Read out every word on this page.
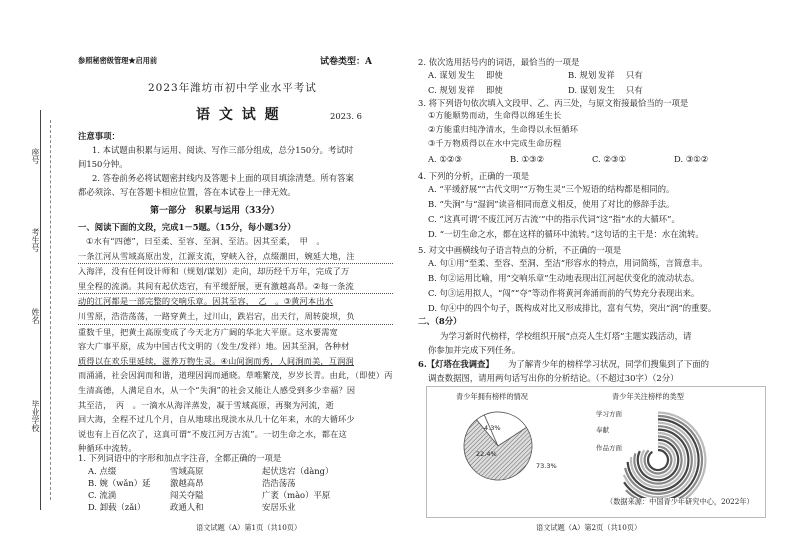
座号
考生号
姓名
毕业学校
参照秘密级管理★启用前	试卷类型：A
2023年潍坊市初中学业水平考试
语 文 试 题	2023. 6
注意事项：
1. 本试题由积累与运用、阅读、写作三部分组成，总分150分。考试时
间150分钟。
2. 答卷前务必将试题密封线内及答题卡上面的项目填涂清楚。所有答案
都必须涂、写在答题卡相应位置，答在本试卷上一律无效。
第一部分　积累与运用（33分）
一、阅读下面的文段，完成1－5题。（15分，每小题3分）
①水有“四德”，曰至柔、至容、至洞、至洁。因其至柔，　甲　。
一条江河从雪域高原出发，江源支流，穿峡入谷，点缀潮田，婉延大地，注
入海洋，没有任何设计师和（规划/谋划）走向，却历经千万年，完成了万
里全程的流淌。其间有起伏迭宕，有平缓舒展，更有激越高昂。②每一条流
动的江河都是一部完整的交响乐章。因其至容，　乙　。③黄河本出水
川雪原，浩浩荡荡，一路穿黄土，过川山，跌岩宕，出天行，周转旋坝，负
重数千里，把黄土高原变成了今天北方广阔的华北大平原。这水要需宽
容大广事平原，成为中国古代文明的（发生/发祥）地。因其至洞，各种材
质得以在欢乐里延续，滋养万物生灵。④山间涧而秀，人间涧而美，互润润
而涌涌，社会因润而和谐，道理因润而通晓。草唯繁茂，岁岁长青。由此，（即使）丙
生清高德，人满足自水，从一个“失涧”的社会又能让人感受到多少幸福？因
其至洁，　丙　。一滴水从海洋蒸发，凝于雪域高原，再聚为河流，逝
回大海，全程不过几个月，自从地球出现淡水从几十亿年来，水的大循环少
说也有上百亿次了，这真可谓“不废江河万古流”。一切生命之水，都在这
种循环中流转。
1. 下列词语中的字形和加点字注音，全都正确的一项是
A. 点缀	雪域高原	起伏迭宕（dàng）
B. 婉（wǎn）延	激越高昂	浩浩荡荡
C. 流淌	闯关夺隘	广袤（mào）平原
D. 卸载（zǎi）	政通人和	安居乐业
语文试题（A）第1页（共10页）
2. 依次选用括号内的词语，最恰当的一项是
A. 谋划 发生	即使	B. 规划 发祥	只有
C. 规划 发祥	即使	D. 谋划 发生	只有
3. 将下列语句依次填入文段甲、乙、丙三处，与原文衔接最恰当的一项是
①方能顺势而动，生命得以绵延生长
②方能重归纯净清水，生命得以永恒循环
③千万物质得以在水中完成生命历程
A. ①②③	B. ①③②	C. ②③①	D. ③①②
4. 下列的分析，正确的一项是
A. “平缓舒展”“古代文明”“万物生灵”三个短语的结构都是相同的。
B. “失涧”与“湿润”读音相同而意义相反，使用了对比的修辞手法。
C. “这真可谓‘不废江河万古流’”中的指示代词“这”指“水的大循环”。
D. “一切生命之水，都在这样的循环中流转。”这句话的主干是：水在流转。
5. 对文中画横线句子语言特点的分析，不正确的一项是
A. 句①用“至柔、至容、至洞、至洁”形容水的特点，用词简练，言简意丰。
B. 句②运用比喻，用“交响乐章”生动地表现出江河起伏变化的流动状态。
C. 句③运用拟人，“闯”“夺”等动作将黄河奔涌而前的气势充分表现出来。
D. 句④中的四个句子，既构成对比又形成排比，富有气势，突出“润”的重要。
二、（8分）
为学习新时代榜样，学校组织开展“点亮人生灯塔”主题实践活动，请
你参加并完成下列任务。
6.【灯塔在我调查】 为了解青少年的榜样学习状况，同学们搜集到了下面的
调查数据图，请用两句话写出你的分析结论。（不超过30字）（2分）
青少年拥有榜样的情况	青少年关注榜样的类型
4.3%
22.4%
73.3%
学习方面
奉献
作品方面
（数据来源：中国青少年研究中心，2022年）
语文试题（A）第2页（共10页）
